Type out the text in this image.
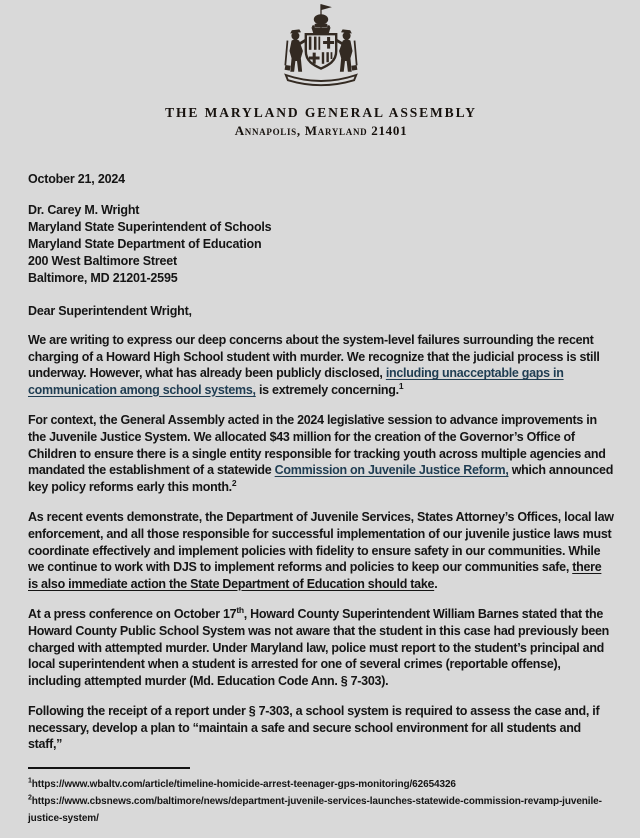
THE MARYLAND GENERAL ASSEMBLY
Annapolis, Maryland 21401
October 21, 2024
Dr. Carey M. Wright
Maryland State Superintendent of Schools
Maryland State Department of Education
200 West Baltimore Street
Baltimore, MD 21201-2595
Dear Superintendent Wright,

We are writing to express our deep concerns about the system-level failures surrounding the recent charging of a Howard High School student with murder. We recognize that the judicial process is still underway. However, what has already been publicly disclosed, including unacceptable gaps in communication among school systems, is extremely concerning.$^1$

For context, the General Assembly acted in the 2024 legislative session to advance improvements in the Juvenile Justice System. We allocated $43 million for the creation of the Governor’s Office of Children to ensure there is a single entity responsible for tracking youth across multiple agencies and mandated the establishment of a statewide Commission on Juvenile Justice Reform, which announced key policy reforms early this month.$^2$

As recent events demonstrate, the Department of Juvenile Services, States Attorney’s Offices, local law enforcement, and all those responsible for successful implementation of our juvenile justice laws must coordinate effectively and implement policies with fidelity to ensure safety in our communities. While we continue to work with DJS to implement reforms and policies to keep our communities safe, there is also immediate action the State Department of Education should take.

At a press conference on October 17th, Howard County Superintendent William Barnes stated that the Howard County Public School System was not aware that the student in this case had previously been charged with attempted murder. Under Maryland law, police must report to the student’s principal and local superintendent when a student is arrested for one of several crimes (reportable offense), including attempted murder (Md. Education Code Ann. § 7-303).

Following the receipt of a report under § 7-303, a school system is required to assess the case and, if necessary, develop a plan to “maintain a safe and secure school environment for all students and staff,”

$^1$https://www.wbaltv.com/article/timeline-homicide-arrest-teenager-gps-monitoring/62654326
$^2$https://www.cbsnews.com/baltimore/news/department-juvenile-services-launches-statewide-commission-revamp-juvenile-justice-system/
